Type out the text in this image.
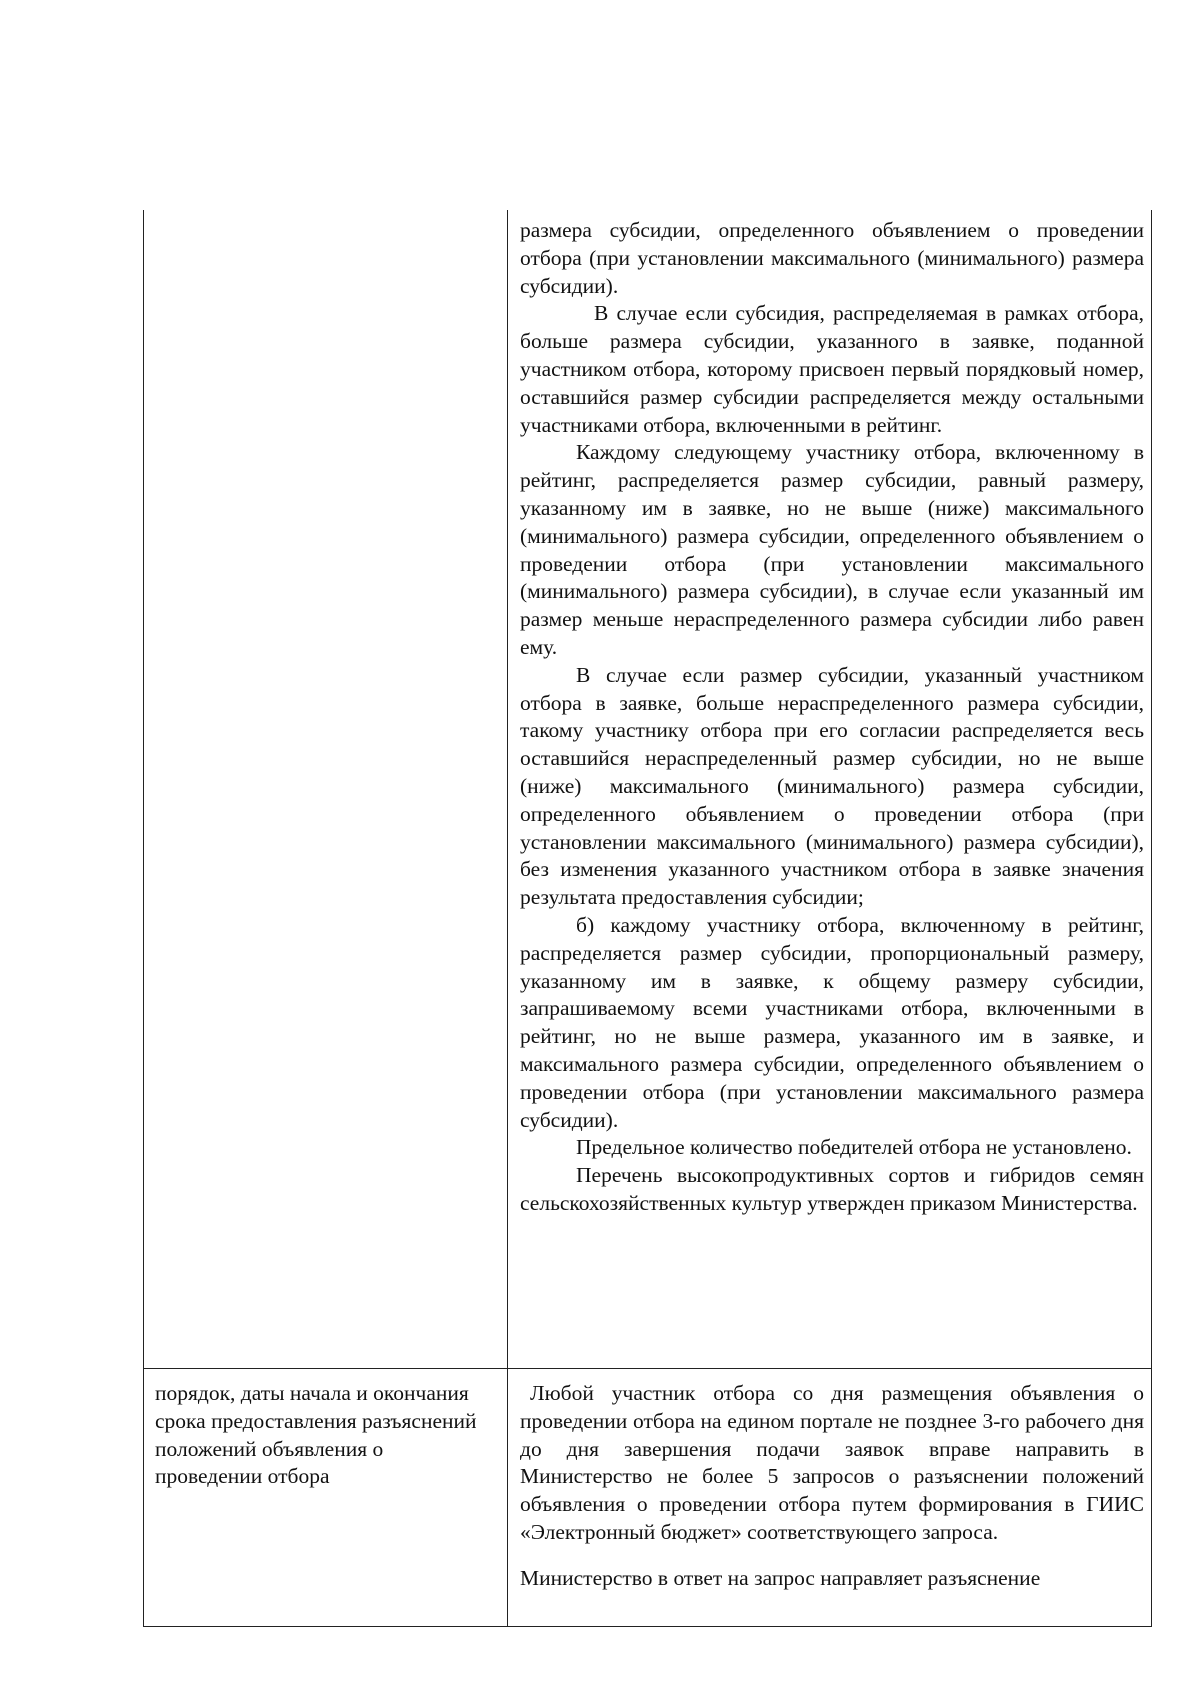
размера субсидии, определенного объявлением о проведении отбора (при установлении максимального (минимального) размера субсидии).

В случае если субсидия, распределяемая в рамках отбора, больше размера субсидии, указанного в заявке, поданной участником отбора, которому присвоен первый порядковый номер, оставшийся размер субсидии распределяется между остальными участниками отбора, включенными в рейтинг.

Каждому следующему участнику отбора, включенному в рейтинг, распределяется размер субсидии, равный размеру, указанному им в заявке, но не выше (ниже) максимального (минимального) размера субсидии, определенного объявлением о проведении отбора (при установлении максимального (минимального) размера субсидии), в случае если указанный им размер меньше нераспределенного размера субсидии либо равен ему.

В случае если размер субсидии, указанный участником отбора в заявке, больше нераспределенного размера субсидии, такому участнику отбора при его согласии распределяется весь оставшийся нераспределенный размер субсидии, но не выше (ниже) максимального (минимального) размера субсидии, определенного объявлением о проведении отбора (при установлении максимального (минимального) размера субсидии), без изменения указанного участником отбора в заявке значения результата предоставления субсидии;

б) каждому участнику отбора, включенному в рейтинг, распределяется размер субсидии, пропорциональный размеру, указанному им в заявке, к общему размеру субсидии, запрашиваемому всеми участниками отбора, включенными в рейтинг, но не выше размера, указанного им в заявке, и максимального размера субсидии, определенного объявлением о проведении отбора (при установлении максимального размера субсидии).

Предельное количество победителей отбора не установлено.

Перечень высокопродуктивных сортов и гибридов семян сельскохозяйственных культур утвержден приказом Министерства.

порядок, даты начала и окончания срока предоставления разъяснений положений объявления о проведении отбора

Любой участник отбора со дня размещения объявления о проведении отбора на едином портале не позднее 3-го рабочего дня до дня завершения подачи заявок вправе направить в Министерство не более 5 запросов о разъяснении положений объявления о проведении отбора путем формирования в ГИИС «Электронный бюджет» соответствующего запроса.

Министерство в ответ на запрос направляет разъяснение
